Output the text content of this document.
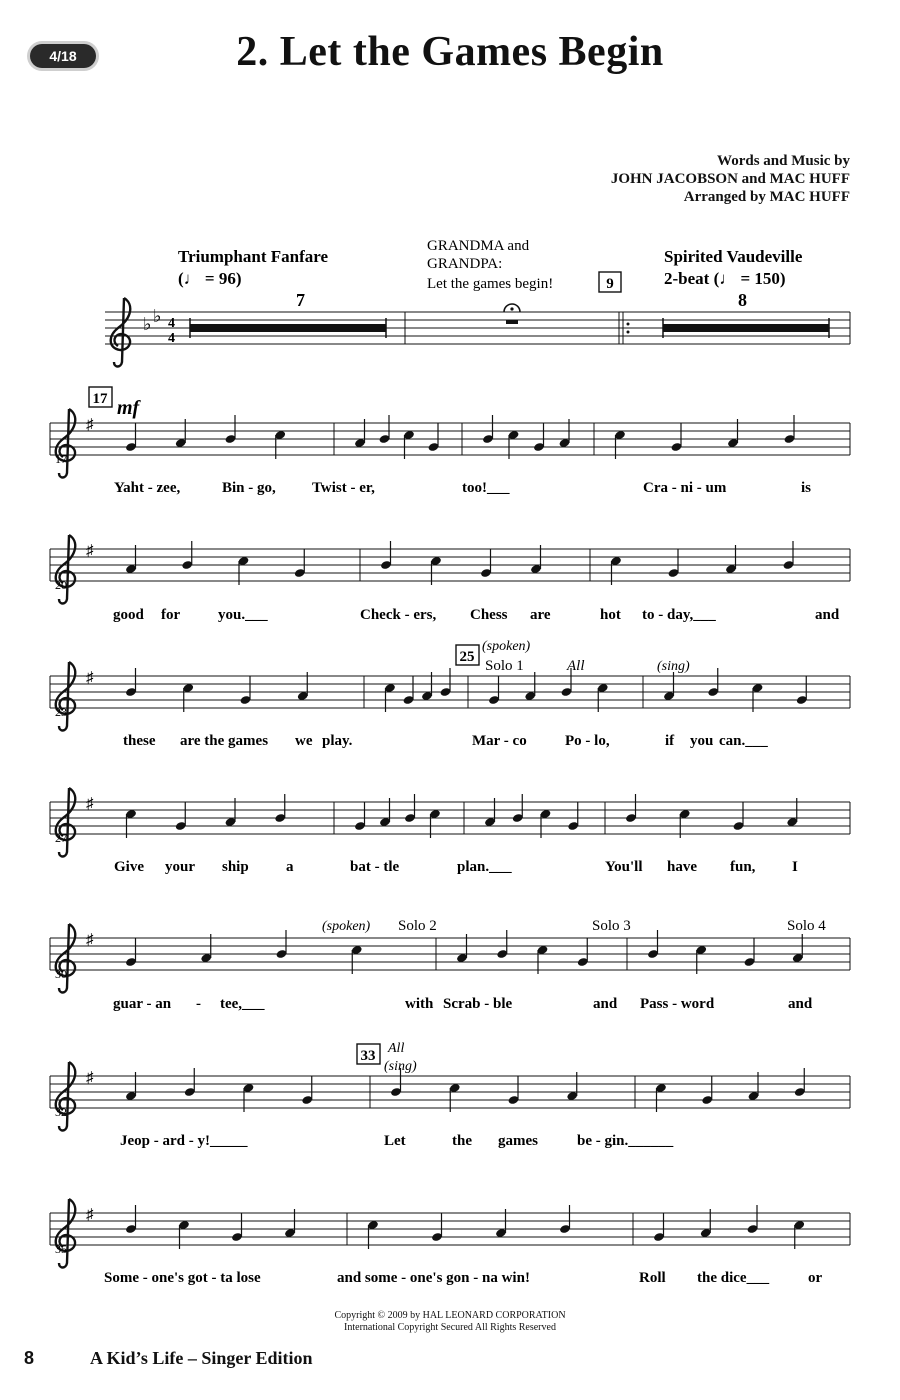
4/18	2. Let the Games Begin
Words and Music by
JOHN JACOBSON and MAC HUFF
Arranged by MAC HUFF
Triumphant Fanfare
(♩ = 96)
7
GRANDMA and
GRANDPA:
Let the games begin!	9
Spirited Vaudeville
2-beat (♩ = 150)
8
♭ ♭ 4
4
♯
Yaht - zee,	Bin - go, Twist - er,	too!___	Cra - ni - um	is
♯
20
good for	you.___	Check - ers, Chess are	hot to - day,___	and
♯
23
these are the games we play.	Mar - co	Po - lo,	if you can.___
♯
27
Give your ship a	bat - tle	plan.___	You'll have fun, I
♯
30
guar - an - tee,___	with Scrab - ble	and Pass - word	and
♯
32
Jeop - ard - y!_____	Let	the games	be - gin.______
♯
35
Some - one's got - ta lose	and some - one's gon - na win!	Roll the dice___	or
17 mf
17
25
(spoken)
Solo 1	All	(sing)
(spoken) Solo 2	Solo 3	Solo 4
33 All
(sing)
Copyright © 2009 by HAL LEONARD CORPORATION
International Copyright Secured All Rights Reserved
8	A Kid’s Life – Singer Edition
